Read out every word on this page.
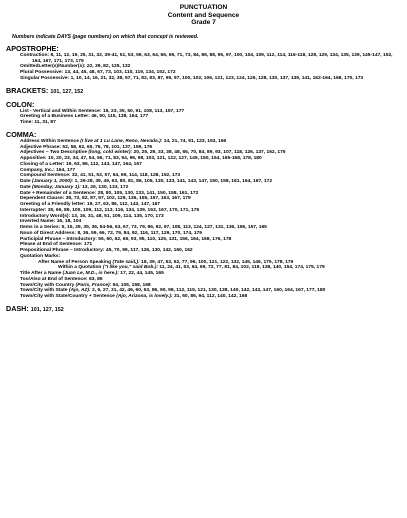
PUNCTUATION
Content and Sequence
Grade 7
Numbers indicate DAYS (page numbers) on which that concept is reviewed.
APOSTROPHE:
Contraction: 8, 11, 12, 19, 25, 31, 32, 39-41, 51, 53, 59, 63, 64, 66, 69, 71, 73, 84, 86, 88, 95, 97, 100, 104, 109, 112, 114, 116-118, 128, 129, 134, 135, 139, 145-147, 152, 164, 167, 171, 173, 179
OmittedLetter(s)/Number(s): 22, 39, 82, 125, 132
Plural Possessive: 13, 44, 45, 48, 67, 73, 103, 110, 119, 134, 152, 172
Singular Possessive: 1, 10, 14, 16, 21, 32, 38, 57, 71, 82, 83, 87, 95, 97, 100, 102, 106, 121, 123, 124, 126, 128, 130, 137, 139, 141, 162-164, 168, 170, 173
BRACKETS: 101, 127, 152
COLON:
List - Vertical and Within Sentence: 15, 23, 35, 50, 91, 108, 113, 157, 177
Greeting of a Business Letter: 46, 90, 115, 138, 164, 177
Time: 11, 31, 87
COMMA:
Address Within Sentence (I live at 1 Lu Lane, Reno, Nevada.): 14, 21, 74, 91, 123, 153, 166
Adjective Phrase: 52, 58, 62, 65, 76, 78, 101, 137, 159, 176
Adjectives – Two Descriptive (long, cold winter): 20, 25, 29, 33, 38, 48, 65, 70, 84, 89, 93, 107, 118, 126, 137, 162, 175
Appositive: 10, 20, 23, 34, 47, 54, 56, 71, 83, 94, 96, 98, 103, 121, 122, 127, 149, 150, 154, 165-168, 178, 180
Closing of a Letter: 19, 63, 86, 112, 143, 147, 164, 167
Company, Inc.: 164, 177
Compound Sentence: 32, 41, 51, 53, 57, 64, 69, 114, 118, 128, 152, 173
Date (January 1, 2000): 1, 26-28, 39, 49, 63, 80, 81, 86, 105, 130, 133, 141, 143, 147, 150, 158, 161, 164, 167, 172
Date (Monday, January 1): 13, 26, 130, 133, 172
Date + Remainder of a Sentence: 28, 80, 105, 130, 133, 141, 150, 158, 161, 172
Dependent Clause: 38, 73, 82, 87, 97, 102, 129, 136, 155, 157, 163, 167, 179
Greeting of a Friendly letter: 19, 27, 63, 86, 112, 143, 147, 167
Interrupter: 35, 66, 89, 100, 109, 112, 113, 116, 134, 139, 153, 167, 170, 171, 175
Introductory Word(s): 13, 16, 31, 48, 51, 109, 114, 135, 170, 173
Inverted Name: 16, 18, 104
Items in a Series: 5, 15, 29, 35, 36, 54-56, 63, 67, 73, 79, 86, 92, 97, 108, 113, 124, 127, 131, 136, 156, 157, 165
Noun of Direct Address: 8, 36, 59, 66, 72, 79, 84, 92, 116, 117, 129, 170, 174, 179
Participial Phrase – Introductory: 55, 60, 62, 65, 93, 95, 110, 125, 131, 156, 164, 168, 176, 178
Please at End of Sentence: 171
Prepositional Phrase – Introductory: 45, 70, 99, 117, 126, 130, 142, 160, 162
Quotation Marks:
After Name of Person Speaking (Tate said,): 18, 39, 47, 53, 62, 77, 96, 100, 121, 122, 132, 145, 146, 175, 178, 179
Within a Quotation ("I like you," said Bob.): 11, 24, 41, 53, 64, 69, 72, 77, 81, 84, 102, 119, 138, 140, 154, 174, 175, 179
Title After a Name (Juan Le, M.D., is here.): 17, 22, 44, 145, 165
Too/Also at End of Sentence: 63, 86
Town/City with Country (Paris, France): 94, 105, 158, 168
Town/City with State (Ajo, AZ): 2, 6, 27, 31, 42, 46, 60, 63, 86, 90, 98, 112, 115, 121, 130, 138, 140, 142, 143, 147, 160, 164, 167, 177, 180
Town/City with State/Country + Sentence (Ajo, Arizona, is lovely.): 31, 60, 86, 94, 112, 140, 142, 168
DASH: 101, 127, 152
